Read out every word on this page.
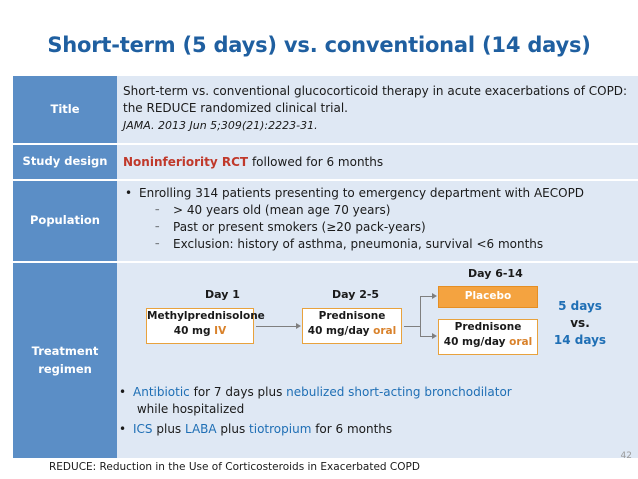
Short-term (5 days) vs. conventional (14 days)
Title
Short-term vs. conventional glucocorticoid therapy in acute exacerbations of COPD: the REDUCE randomized clinical trial.
JAMA. 2013 Jun 5;309(21):2223-31.
Study design	Noninferiority RCT followed for 6 months
Population
• Enrolling 314 patients presenting to emergency department with AECOPD
– > 40 years old (mean age 70 years)
– Past or present smokers (≥20 pack-years)
– Exclusion: history of asthma, pneumonia, survival <6 months
Treatment regimen
Day 1	Day 2-5
Day 6-14
Methylprednisolone
40 mg IV
Prednisone
40 mg/day oral
Placebo
Prednisone
40 mg/day oral
5 days
vs.
14 days
• Antibiotic for 7 days plus nebulized short-acting bronchodilator while hospitalized
• ICS plus LABA plus tiotropium for 6 months
42
REDUCE: Reduction in the Use of Corticosteroids in Exacerbated COPD
